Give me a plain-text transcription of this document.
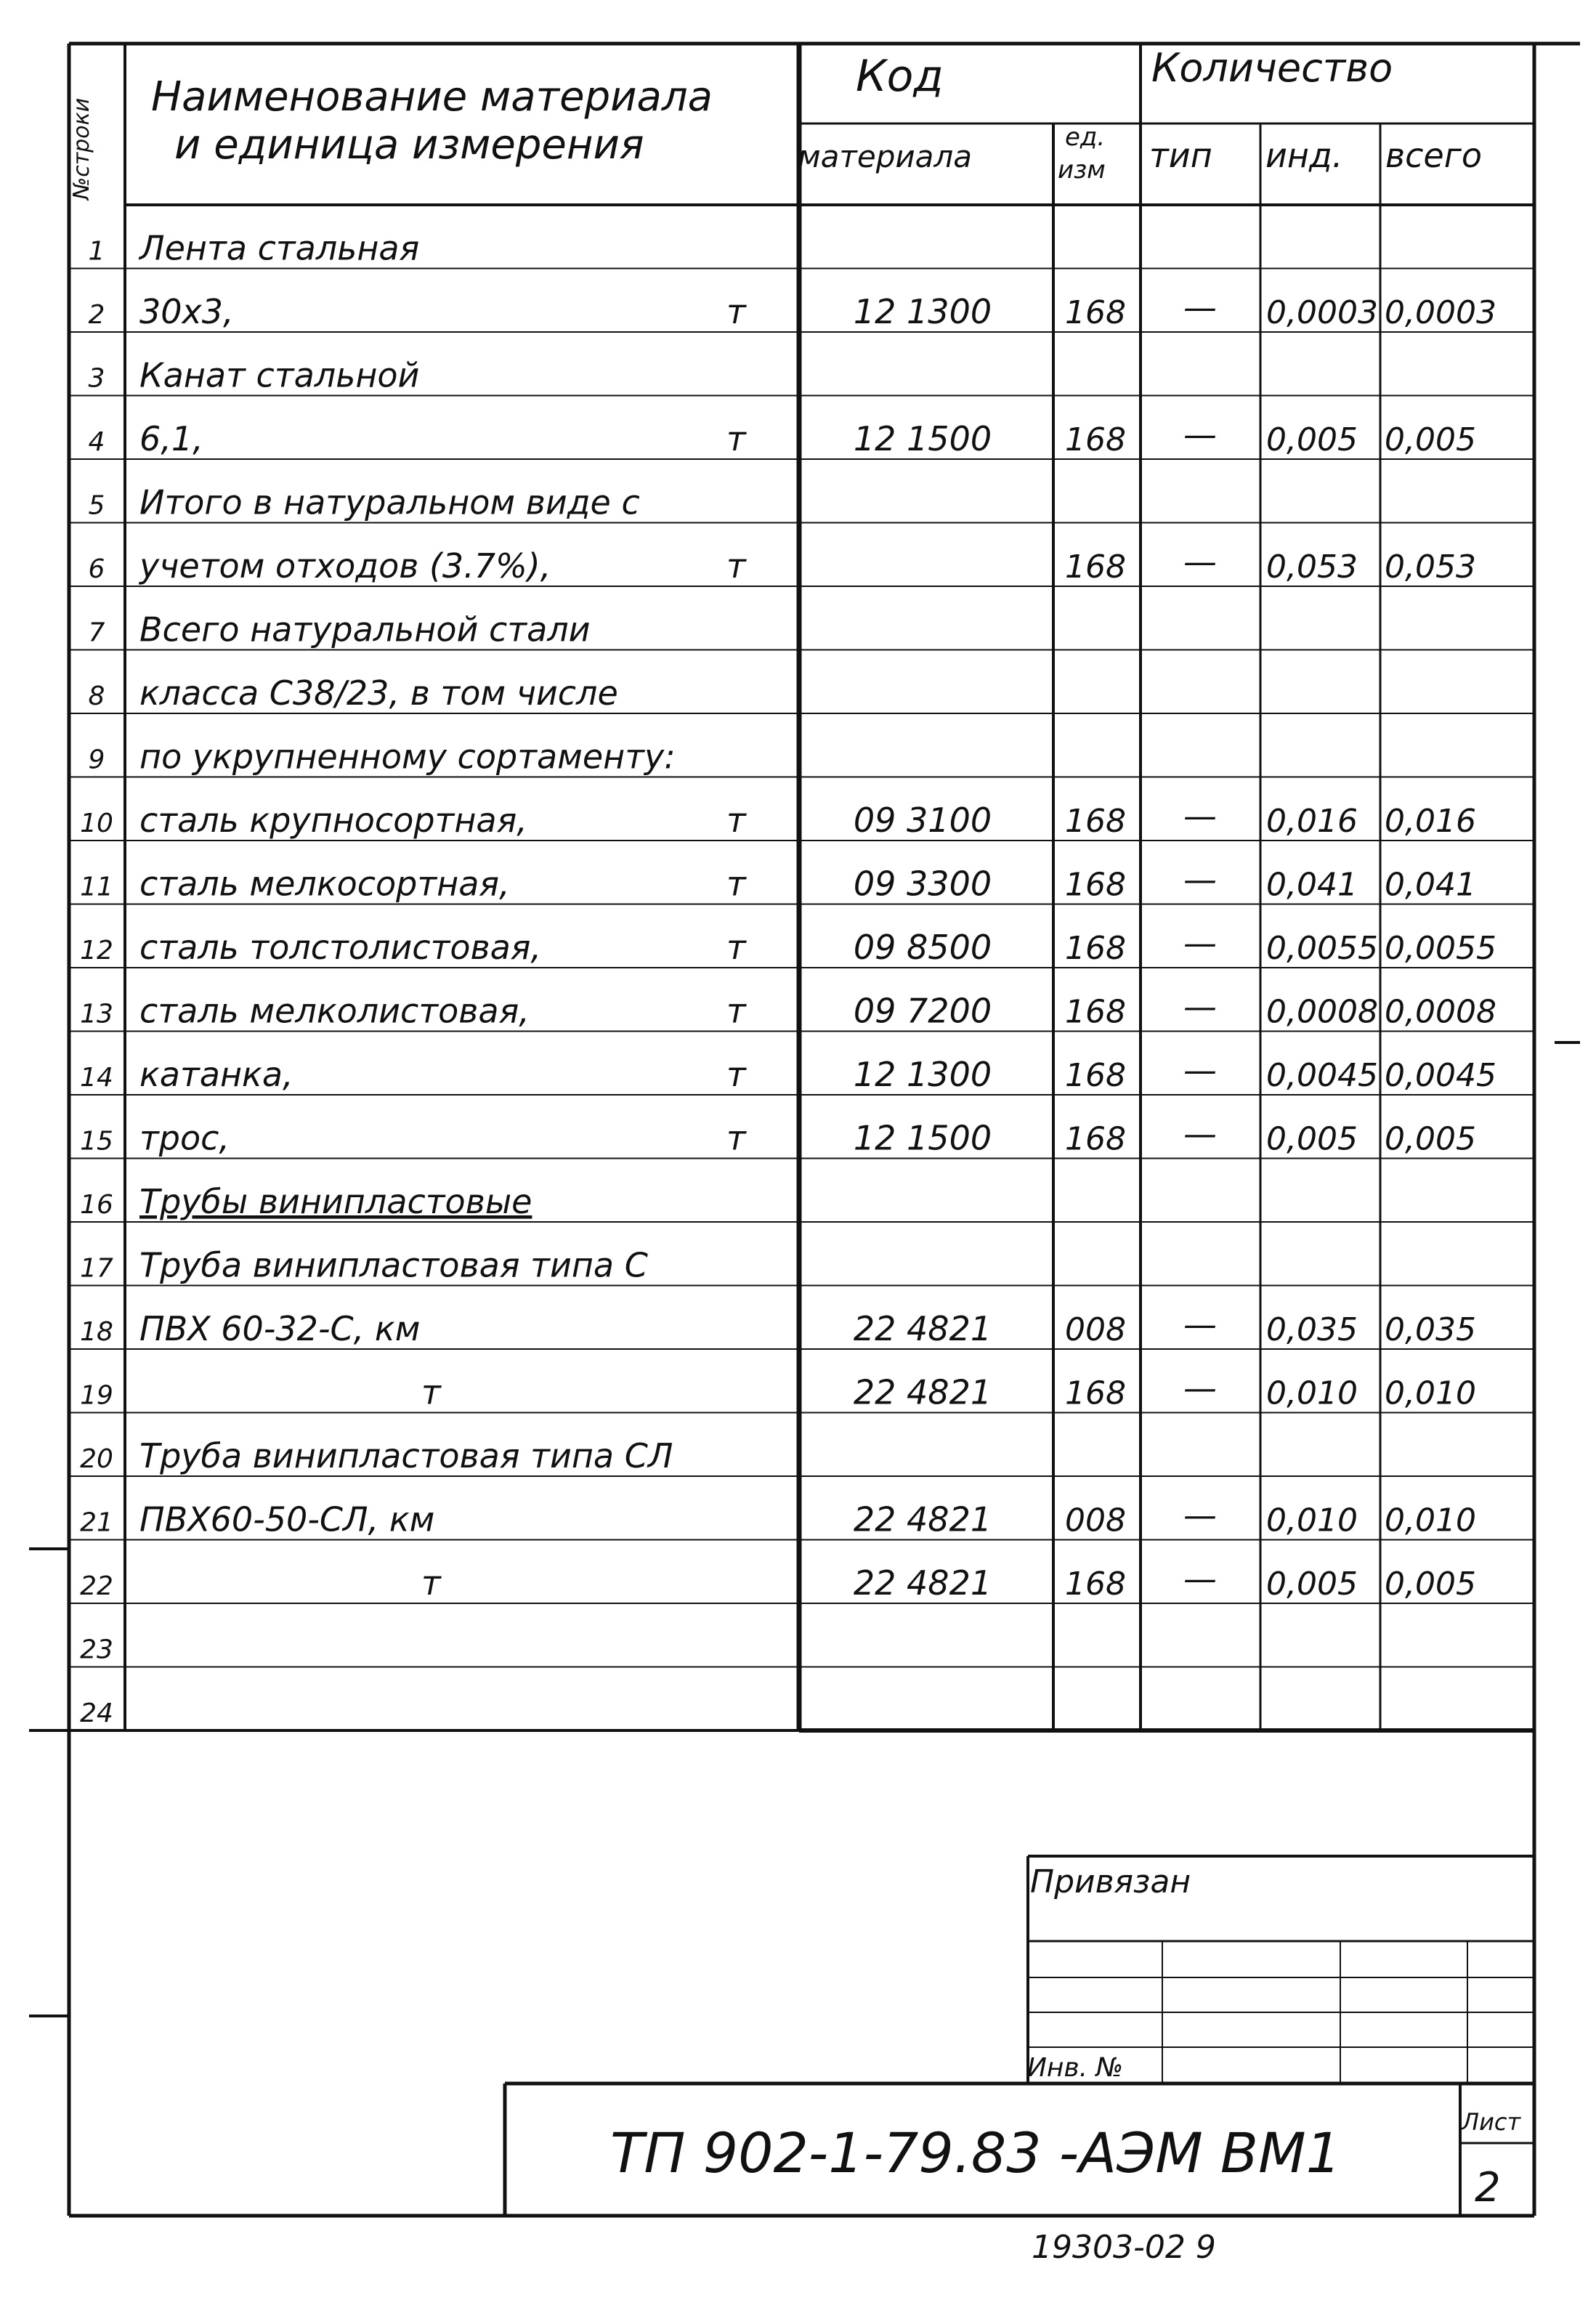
№строки
Наименование материала
и единица измерения
Код
материала
ед.
изм
Количество
тип инд. всего
1 Лента стальная
2 30х3,	т	12 1300 168 — 0,0003 0,0003
3 Канат стальной
4 6,1,	т	12 1500 168 — 0,005 0,005
5 Итого в натуральном виде с
6 учетом отходов (3.7%),	т	168 — 0,053 0,053
7 Всего натуральной стали
8 класса С38/23, в том числе
9 по укрупненному сортаменту:
10 сталь крупносортная,	т	09 3100 168 — 0,016 0,016
11 сталь мелкосортная,	т	09 3300 168 — 0,041 0,041
12 сталь толстолистовая,	т	09 8500 168 — 0,0055 0,0055
13 сталь мелколистовая,	т	09 7200 168 — 0,0008 0,0008
14 катанка,	т	12 1300 168 — 0,0045 0,0045
15 трос,	т	12 1500 168 — 0,005 0,005
16 Трубы винипластовые
17 Труба винипластовая типа С
18 ПВХ 60-32-С, км	22 4821 008 — 0,035 0,035
19	т	22 4821 168 — 0,010 0,010
20 Труба винипластовая типа СЛ
21 ПВХ60-50-СЛ, км	22 4821 008 — 0,010 0,010
22	т	22 4821 168 — 0,005 0,005
23
24
Привязан
Инв. №
ТП 902-1-79.83 -АЭМ ВМ1	Лист
2
19303-02 9
